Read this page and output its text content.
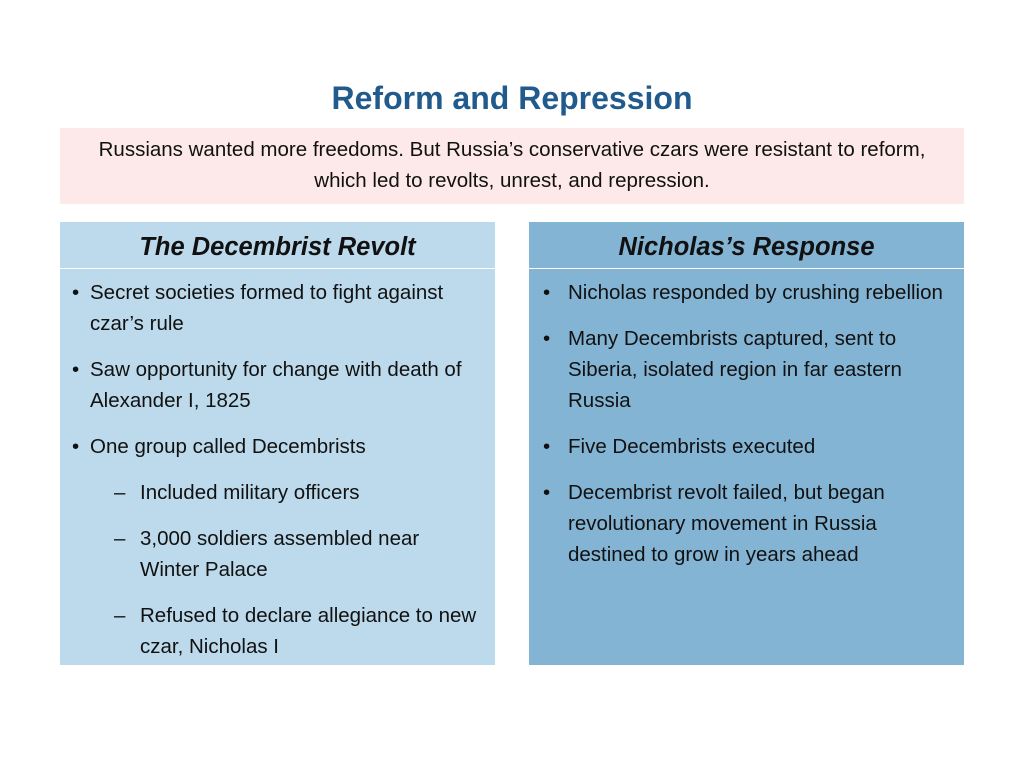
Reform and Repression
Russians wanted more freedoms. But Russia’s conservative czars were resistant to reform, which led to revolts, unrest, and repression.
The Decembrist Revolt
• Secret societies formed to fight against czar’s rule
• Saw opportunity for change with death of Alexander I, 1825
• One group called Decembrists
– Included military officers
– 3,000 soldiers assembled near Winter Palace
– Refused to declare allegiance to new czar, Nicholas I
Nicholas’s Response
• Nicholas responded by crushing rebellion
• Many Decembrists captured, sent to Siberia, isolated region in far eastern Russia
• Five Decembrists executed
• Decembrist revolt failed, but began revolutionary movement in Russia destined to grow in years ahead
